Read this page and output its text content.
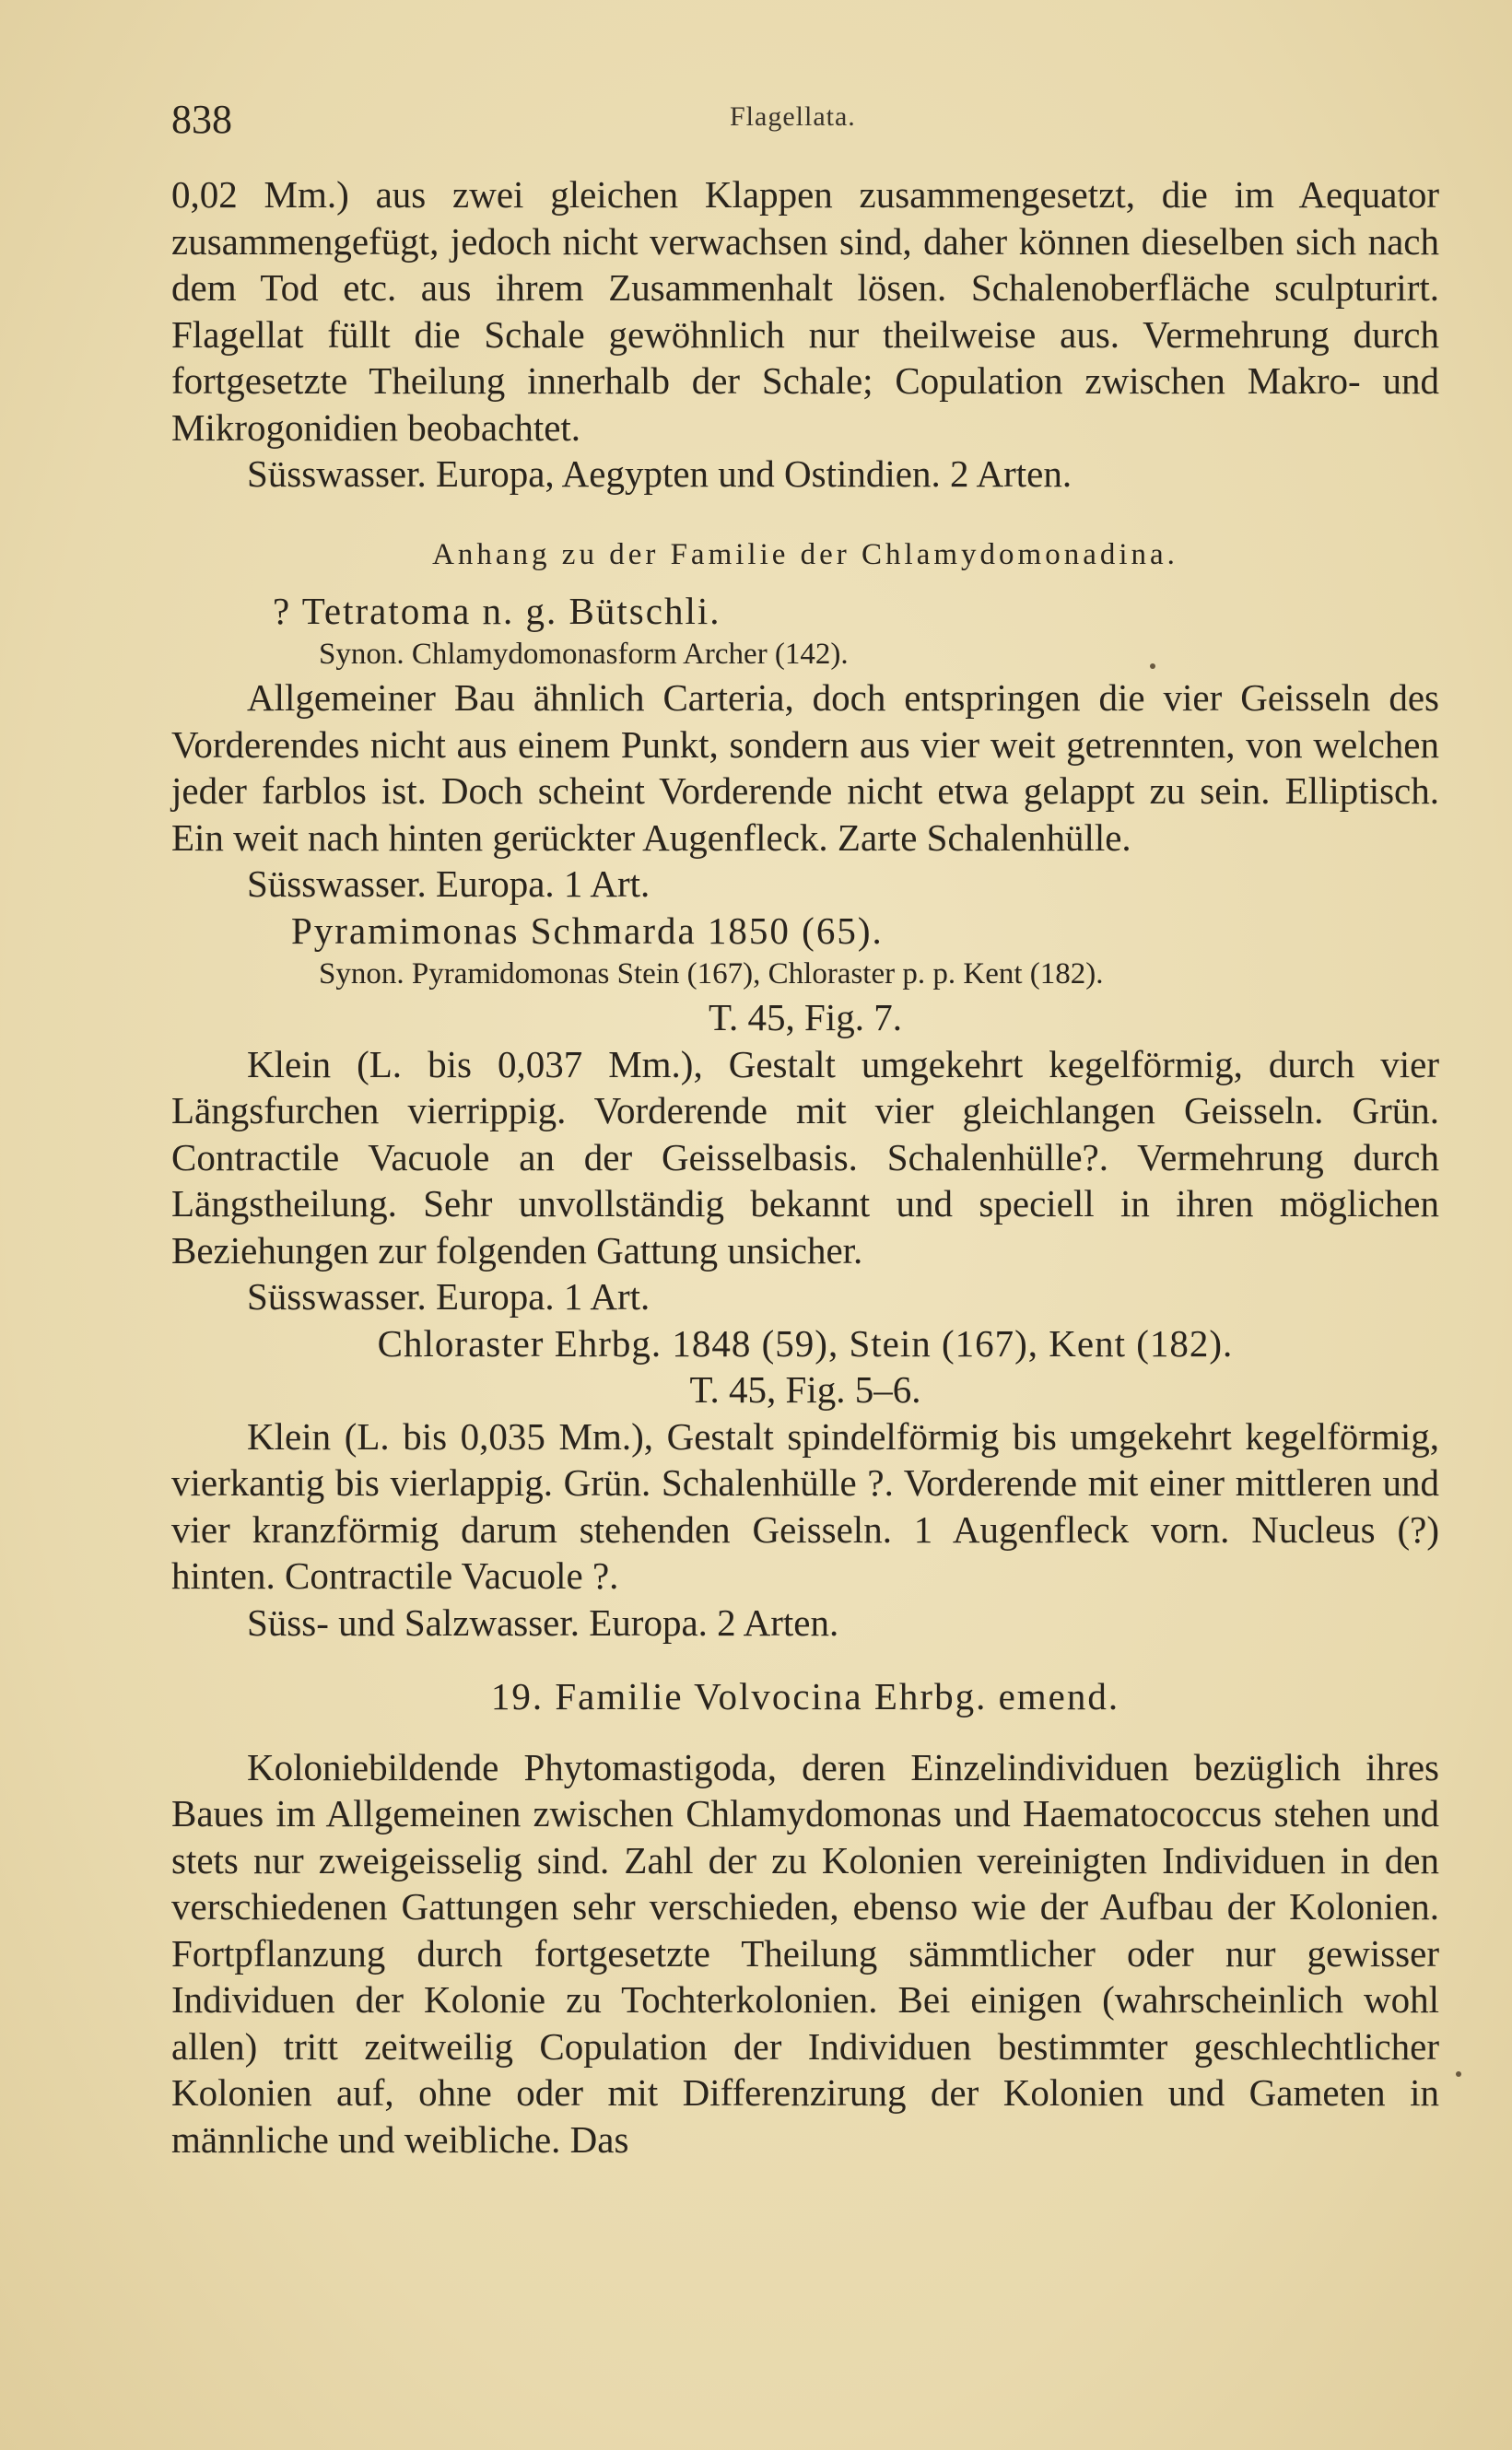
838	Flagellata.

0,02 Mm.) aus zwei gleichen Klappen zusammengesetzt, die im Aequator zusammengefügt, jedoch nicht verwachsen sind, daher können dieselben sich nach dem Tod etc. aus ihrem Zusammenhalt lösen. Schalenoberfläche sculpturirt. Flagellat füllt die Schale gewöhnlich nur theilweise aus. Vermehrung durch fortgesetzte Theilung innerhalb der Schale; Copulation zwischen Makro- und Mikrogonidien beobachtet.

Süsswasser. Europa, Aegypten und Ostindien. 2 Arten.

Anhang zu der Familie der Chlamydomonadina.

? Tetratoma n. g. Bütschli.

Synon. Chlamydomonasform Archer (142).

Allgemeiner Bau ähnlich Carteria, doch entspringen die vier Geisseln des Vorderendes nicht aus einem Punkt, sondern aus vier weit getrennten, von welchen jeder farblos ist. Doch scheint Vorderende nicht etwa gelappt zu sein. Elliptisch. Ein weit nach hinten gerückter Augenfleck. Zarte Schalenhülle.

Süsswasser. Europa. 1 Art.

Pyramimonas Schmarda 1850 (65).

Synon. Pyramidomonas Stein (167), Chloraster p. p. Kent (182).

T. 45, Fig. 7.

Klein (L. bis 0,037 Mm.), Gestalt umgekehrt kegelförmig, durch vier Längsfurchen vierrippig. Vorderende mit vier gleichlangen Geisseln. Grün. Contractile Vacuole an der Geisselbasis. Schalenhülle?. Vermehrung durch Längstheilung. Sehr unvollständig bekannt und speciell in ihren möglichen Beziehungen zur folgenden Gattung unsicher.

Süsswasser. Europa. 1 Art.

Chloraster Ehrbg. 1848 (59), Stein (167), Kent (182).

T. 45, Fig. 5–6.

Klein (L. bis 0,035 Mm.), Gestalt spindelförmig bis umgekehrt kegelförmig, vierkantig bis vierlappig. Grün. Schalenhülle ?. Vorderende mit einer mittleren und vier kranzförmig darum stehenden Geisseln. 1 Augenfleck vorn. Nucleus (?) hinten. Contractile Vacuole ?.

Süss- und Salzwasser. Europa. 2 Arten.

19. Familie Volvocina Ehrbg. emend.

Koloniebildende Phytomastigoda, deren Einzelindividuen bezüglich ihres Baues im Allgemeinen zwischen Chlamydomonas und Haematococcus stehen und stets nur zweigeisselig sind. Zahl der zu Kolonien vereinigten Individuen in den verschiedenen Gattungen sehr verschieden, ebenso wie der Aufbau der Kolonien. Fortpflanzung durch fortgesetzte Theilung sämmtlicher oder nur gewisser Individuen der Kolonie zu Tochterkolonien. Bei einigen (wahrscheinlich wohl allen) tritt zeitweilig Copulation der Individuen bestimmter geschlechtlicher Kolonien auf, ohne oder mit Differenzirung der Kolonien und Gameten in männliche und weibliche. Das
